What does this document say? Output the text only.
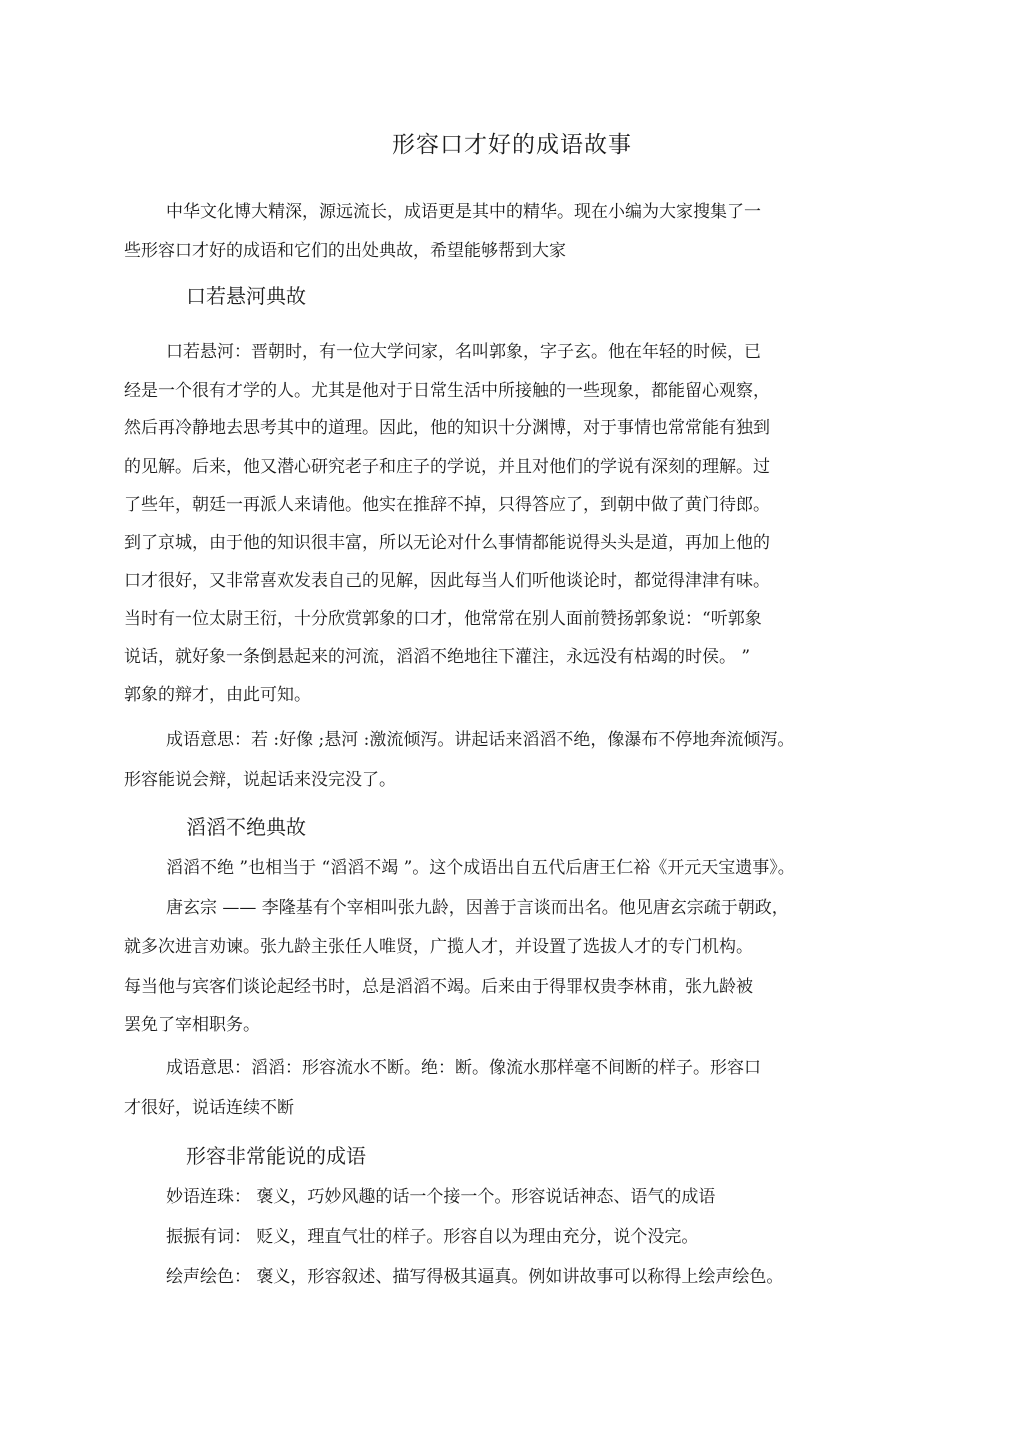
形容口才好的成语故事
中华文化博大精深，源远流长，成语更是其中的精华。现在小编为大家搜集了一
些形容口才好的成语和它们的出处典故，希望能够帮到大家
口若悬河典故
口若悬河：晋朝时，有一位大学问家，名叫郭象，字子玄。他在年轻的时候，已
经是一个很有才学的人。尤其是他对于日常生活中所接触的一些现象，都能留心观察，
然后再冷静地去思考其中的道理。因此，他的知识十分渊博，对于事情也常常能有独到
的见解。后来，他又潜心研究老子和庄子的学说，并且对他们的学说有深刻的理解。过
了些年，朝廷一再派人来请他。他实在推辞不掉，只得答应了，到朝中做了黄门待郎。
到了京城，由于他的知识很丰富，所以无论对什么事情都能说得头头是道，再加上他的
口才很好，又非常喜欢发表自己的见解，因此每当人们听他谈论时，都觉得津津有味。
当时有一位太尉王衍，十分欣赏郭象的口才，他常常在别人面前赞扬郭象说：“听郭象
说话，就好象一条倒悬起来的河流，滔滔不绝地往下灌注，永远没有枯竭的时侯。 ”
郭象的辩才，由此可知。
成语意思：若 :好像 ;悬河 :激流倾泻。讲起话来滔滔不绝，像瀑布不停地奔流倾泻。
形容能说会辩，说起话来没完没了。
滔滔不绝典故
滔滔不绝 ”也相当于 “滔滔不竭 ”。这个成语出自五代后唐王仁裕《开元天宝遗事》。
唐玄宗 —— 李隆基有个宰相叫张九龄，因善于言谈而出名。他见唐玄宗疏于朝政，
就多次进言劝谏。张九龄主张任人唯贤，广揽人才，并设置了选拔人才的专门机构。
每当他与宾客们谈论起经书时，总是滔滔不竭。后来由于得罪权贵李林甫，张九龄被
罢免了宰相职务。
成语意思：滔滔：形容流水不断。绝：断。像流水那样毫不间断的样子。形容口
才很好，说话连续不断
形容非常能说的成语
妙语连珠： 褒义，巧妙风趣的话一个接一个。形容说话神态、语气的成语
振振有词： 贬义，理直气壮的样子。形容自以为理由充分，说个没完。
绘声绘色： 褒义，形容叙述、描写得极其逼真。例如讲故事可以称得上绘声绘色。
